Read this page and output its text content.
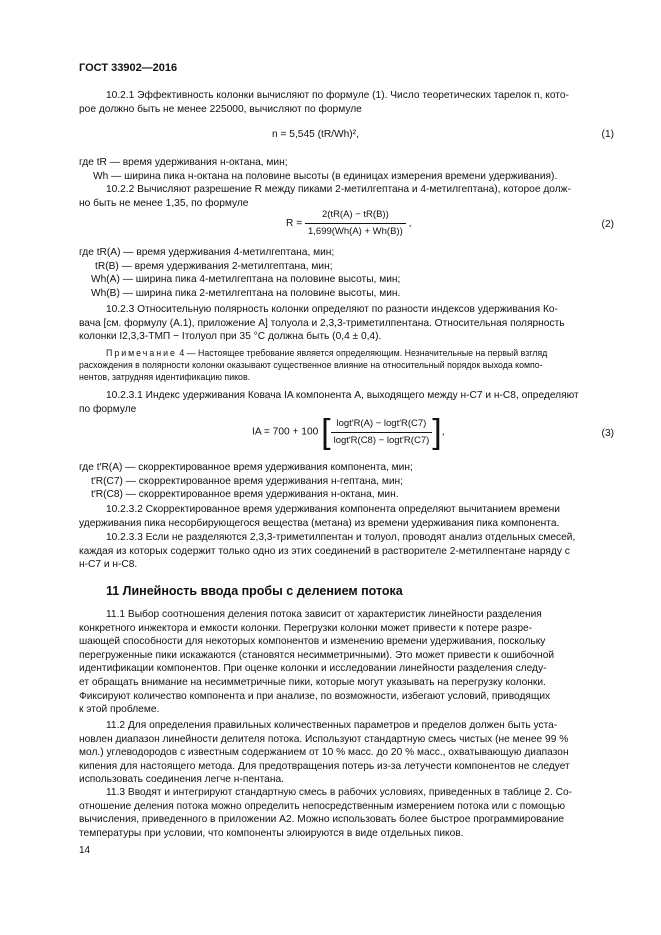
ГОСТ 33902—2016
10.2.1 Эффективность колонки вычисляют по формуле (1). Число теоретических тарелок n, кото-
рое должно быть не менее 225000, вычисляют по формуле
n = 5,545 (tR/Wh)²,	(1)
где tR — время удерживания н-октана, мин;
Wh — ширина пика н-октана на половине высоты (в единицах измерения времени удерживания).
10.2.2 Вычисляют разрешение R между пиками 2-метилгептана и 4-метилгептана), которое долж-
но быть не менее 1,35, по формуле
$R = \frac{2(tR(A) - tR(B))}{1,699(Wh(A) + Wh(B))}$ ,	(2)
где tR(A) — время удерживания 4-метилгептана, мин;
tR(B) — время удерживания 2-метилгептана, мин;
Wh(A) — ширина пика 4-метилгептана на половине высоты, мин;
Wh(B) — ширина пика 2-метилгептана на половине высоты, мин.
10.2.3 Относительную полярность колонки определяют по разности индексов удерживания Ко-
вача [см. формулу (А.1), приложение А] толуола и 2,3,3-триметилпентана. Относительная полярность
колонки I2,3,3-ТМП − Iтолуол при 35 °С должна быть (0,4 ± 0,4).
Примечание 4 — Настоящее требование является определяющим. Незначительные на первый взгляд
расхождения в полярности колонки оказывают существенное влияние на относительный порядок выхода компо-
нентов, затрудняя идентификацию пиков.
10.2.3.1 Индекс удерживания Ковача IA компонента А, выходящего между н-С7 и н-С8, определяют
по формуле
IA = 700 + 100 [ $\frac{\log t'R(A) - \log t'R(C7)}{\log t'R(C8) - \log t'R(C7)}$ ],	(3)
где t′R(A) — скорректированное время удерживания компонента, мин;
t′R(C7) — скорректированное время удерживания н-гептана, мин;
t′R(C8) — скорректированное время удерживания н-октана, мин.
10.2.3.2 Скорректированное время удерживания компонента определяют вычитанием времени
удерживания пика несорбирующегося вещества (метана) из времени удерживания пика компонента.
10.2.3.3 Если не разделяются 2,3,3-триметилпентан и толуол, проводят анализ отдельных смесей,
каждая из которых содержит только одно из этих соединений в растворителе 2-метилпентане наряду с
н-С7 и н-С8.
11 Линейность ввода пробы с делением потока
11.1 Выбор соотношения деления потока зависит от характеристик линейности разделения
конкретного инжектора и емкости колонки. Перегрузки колонки может привести к потере разре-
шающей способности для некоторых компонентов и изменению времени удерживания, поскольку
перегруженные пики искажаются (становятся несимметричными). Это может привести к ошибочной
идентификации компонентов. При оценке колонки и исследовании линейности разделения следу-
ет обращать внимание на несимметричные пики, которые могут указывать на перегрузку колонки.
Фиксируют количество компонента и при анализе, по возможности, избегают условий, приводящих
к этой проблеме.
11.2 Для определения правильных количественных параметров и пределов должен быть уста-
новлен диапазон линейности делителя потока. Используют стандартную смесь чистых (не менее 99 %
мол.) углеводородов с известным содержанием от 10 % масс. до 20 % масс., охватывающую диапазон
кипения для настоящего метода. Для предотвращения потерь из-за летучести компонентов не следует
использовать соединения легче н-пентана.
11.3 Вводят и интегрируют стандартную смесь в рабочих условиях, приведенных в таблице 2. Со-
отношение деления потока можно определить непосредственным измерением потока или с помощью
вычисления, приведенного в приложении А2. Можно использовать более быстрое программирование
температуры при условии, что компоненты элюируются в виде отдельных пиков.
14
